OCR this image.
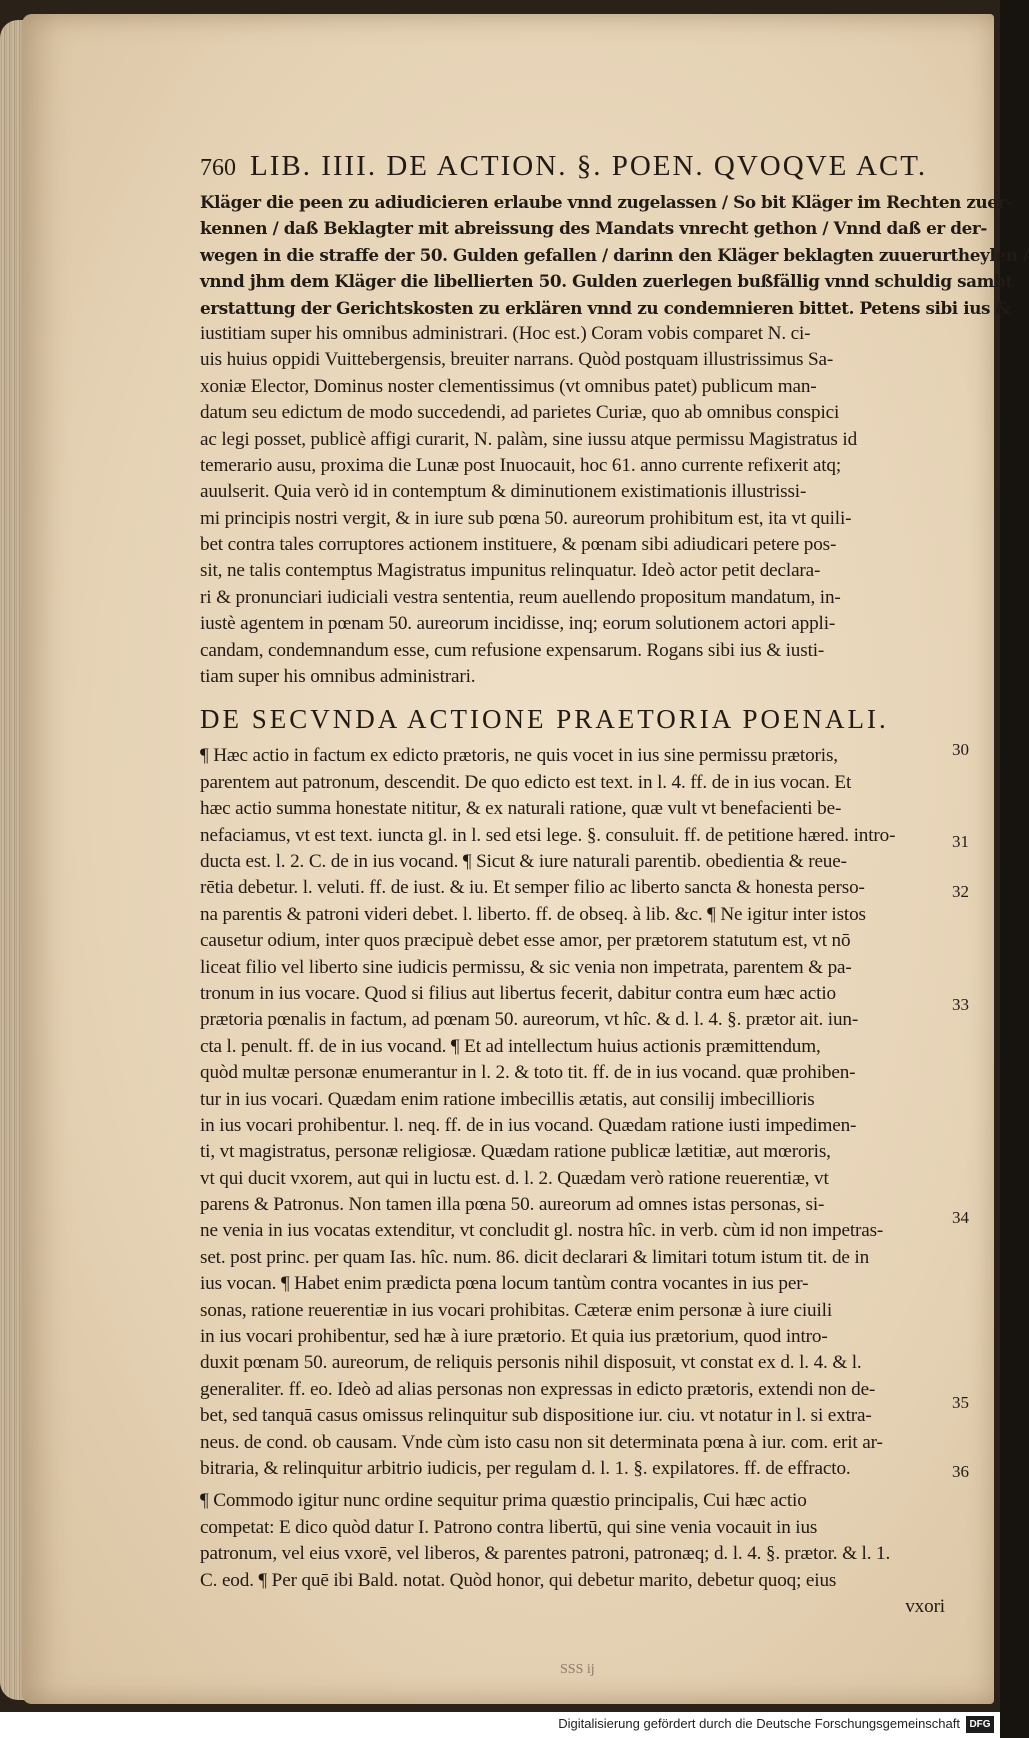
760 LIB. IIII. DE ACTION. §. POEN. QVOQVE ACT.
Kläger die peen zu adiudicieren erlaube vnnd zugelassen / So bit Kläger im Rechten zuer-
kennen / daß Beklagter mit abreissung des Mandats vnrecht gethon / Vnnd daß er der-
wegen in die straffe der 50. Gulden gefallen / darinn den Kläger beklagten zuuerurtheylen /
vnnd jhm dem Kläger die libellierten 50. Gulden zuerlegen bußfällig vnnd schuldig sambt
erstattung der Gerichtskosten zu erklären vnnd zu condemnieren bittet. Petens sibi ius &
iustitiam super his omnibus administrari. (Hoc est.) Coram vobis comparet N. ci-
uis huius oppidi Vuittebergensis, breuiter narrans. Quòd postquam illustrissimus Sa-
xoniæ Elector, Dominus noster clementissimus (vt omnibus patet) publicum man-
datum seu edictum de modo succedendi, ad parietes Curiæ, quo ab omnibus conspici
ac legi posset, publicè affigi curarit, N. palàm, sine iussu atque permissu Magistratus id
temerario ausu, proxima die Lunæ post Inuocauit, hoc 61. anno currente refixerit atq;
auulserit. Quia verò id in contemptum & diminutionem existimationis illustrissi-
mi principis nostri vergit, & in iure sub pœna 50. aureorum prohibitum est, ita vt quili-
bet contra tales corruptores actionem instituere, & pœnam sibi adiudicari petere pos-
sit, ne talis contemptus Magistratus impunitus relinquatur. Ideò actor petit declara-
ri & pronunciari iudiciali vestra sententia, reum auellendo propositum mandatum, in-
iustè agentem in pœnam 50. aureorum incidisse, inq; eorum solutionem actori appli-
candam, condemnandum esse, cum refusione expensarum. Rogans sibi ius & iusti-
tiam super his omnibus administrari.
DE SECVNDA ACTIONE PRAETORIA POENALI.
¶ Hæc actio in factum ex edicto prætoris, ne quis vocet in ius sine permissu prætoris,
parentem aut patronum, descendit. De quo edicto est text. in l. 4. ff. de in ius vocan. Et
hæc actio summa honestate nititur, & ex naturali ratione, quæ vult vt benefacienti be-
nefaciamus, vt est text. iuncta gl. in l. sed etsi lege. §. consuluit. ff. de petitione hæred. intro-
ducta est. l. 2. C. de in ius vocand. ¶ Sicut & iure naturali parentib. obedientia & reue-
rētia debetur. l. veluti. ff. de iust. & iu. Et semper filio ac liberto sancta & honesta perso-
na parentis & patroni videri debet. l. liberto. ff. de obseq. à lib. &c. ¶ Ne igitur inter istos
causetur odium, inter quos præcipuè debet esse amor, per prætorem statutum est, vt nō
liceat filio vel liberto sine iudicis permissu, & sic venia non impetrata, parentem & pa-
tronum in ius vocare. Quod si filius aut libertus fecerit, dabitur contra eum hæc actio
prætoria pœnalis in factum, ad pœnam 50. aureorum, vt hîc. & d. l. 4. §. prætor ait. iun-
cta l. penult. ff. de in ius vocand. ¶ Et ad intellectum huius actionis præmittendum,
quòd multæ personæ enumerantur in l. 2. & toto tit. ff. de in ius vocand. quæ prohiben-
tur in ius vocari. Quædam enim ratione imbecillis ætatis, aut consilij imbecillioris
in ius vocari prohibentur. l. neq. ff. de in ius vocand. Quædam ratione iusti impedimen-
ti, vt magistratus, personæ religiosæ. Quædam ratione publicæ lætitiæ, aut mœroris,
vt qui ducit vxorem, aut qui in luctu est. d. l. 2. Quædam verò ratione reuerentiæ, vt
parens & Patronus. Non tamen illa pœna 50. aureorum ad omnes istas personas, si-
ne venia in ius vocatas extenditur, vt concludit gl. nostra hîc. in verb. cùm id non impetras-
set. post princ. per quam Ias. hîc. num. 86. dicit declarari & limitari totum istum tit. de in
ius vocan. ¶ Habet enim prædicta pœna locum tantùm contra vocantes in ius per-
sonas, ratione reuerentiæ in ius vocari prohibitas. Cæteræ enim personæ à iure ciuili
in ius vocari prohibentur, sed hæ à iure prætorio. Et quia ius prætorium, quod intro-
duxit pœnam 50. aureorum, de reliquis personis nihil disposuit, vt constat ex d. l. 4. & l.
generaliter. ff. eo. Ideò ad alias personas non expressas in edicto prætoris, extendi non de-
bet, sed tanquā casus omissus relinquitur sub dispositione iur. ciu. vt notatur in l. si extra-
neus. de cond. ob causam. Vnde cùm isto casu non sit determinata pœna à iur. com. erit ar-
bitraria, & relinquitur arbitrio iudicis, per regulam d. l. 1. §. expilatores. ff. de effracto.
¶ Commodo igitur nunc ordine sequitur prima quæstio principalis, Cui hæc actio
competat: E dico quòd datur I. Patrono contra libertū, qui sine venia vocauit in ius
patronum, vel eius vxorē, vel liberos, & parentes patroni, patronæq; d. l. 4. §. prætor. & l. 1.
C. eod. ¶ Per quē ibi Bald. notat. Quòd honor, qui debetur marito, debetur quoq; eius
vxori
30
31
32
33
34
35
36
SSS ij
Digitalisierung gefördert durch die Deutsche Forschungsgemeinschaft DFG
